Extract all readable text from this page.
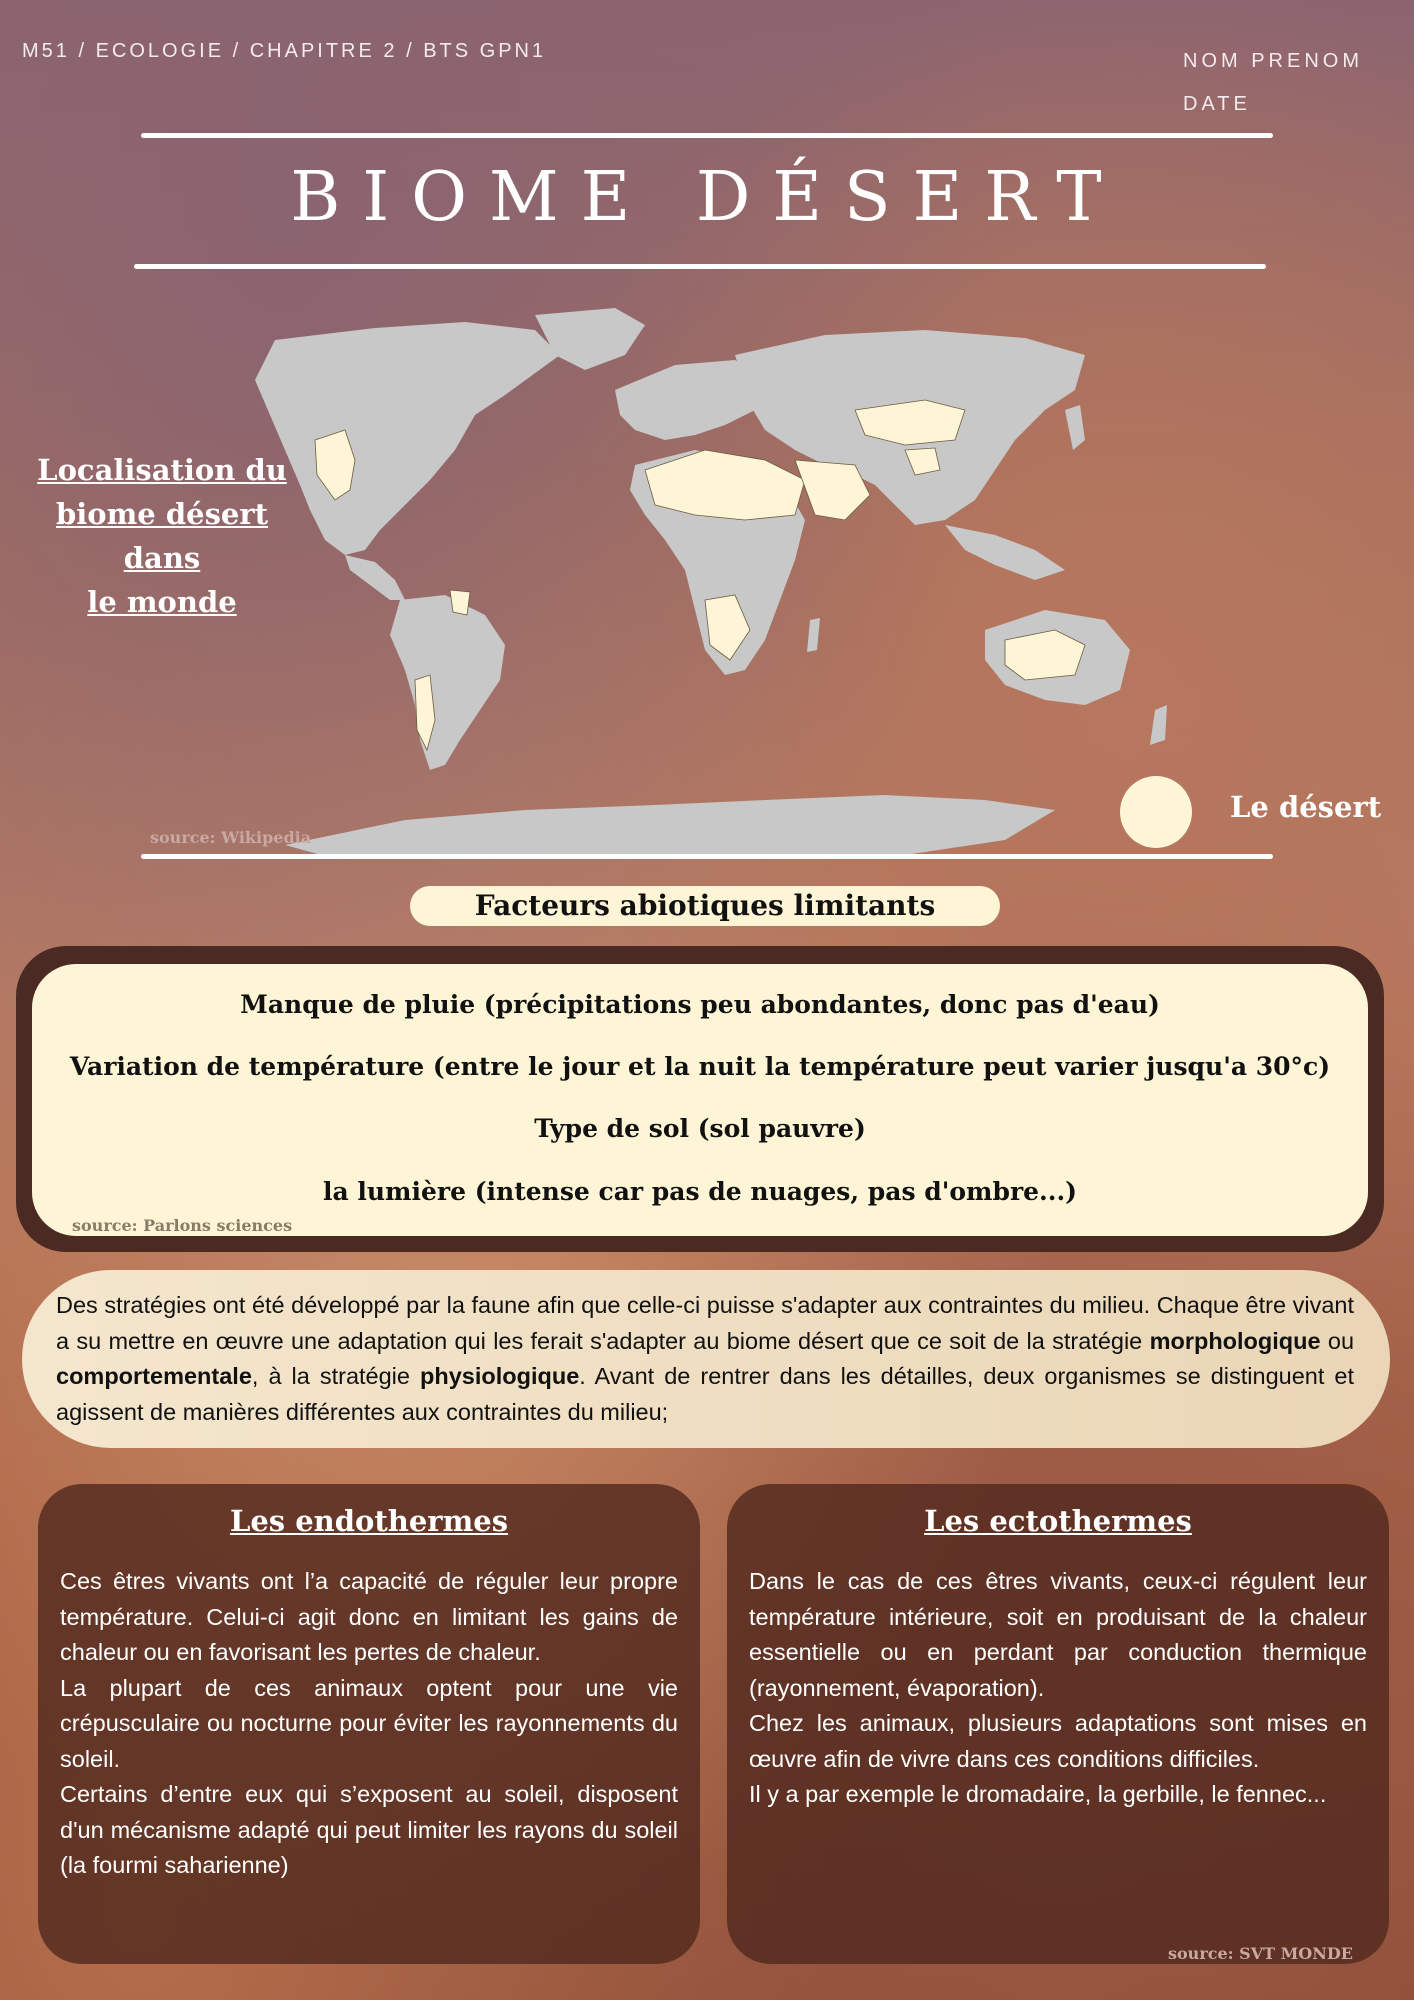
M51 / ECOLOGIE / CHAPITRE 2 / BTS GPN1	NOM PRENOM
DATE
BIOME DÉSERT
Localisation du
biome désert dans
le monde
source: Wikipedia
Le désert
Facteurs abiotiques limitants
Manque de pluie (précipitations peu abondantes, donc pas d'eau)
Variation de température (entre le jour et la nuit la température peut varier jusqu'a 30°c)
Type de sol (sol pauvre)
la lumière (intense car pas de nuages, pas d'ombre...)
source: Parlons sciences
Des stratégies ont été développé par la faune afin que celle-ci puisse s'adapter aux contraintes du milieu. Chaque être vivant a su mettre en œuvre une adaptation qui les ferait s'adapter au biome désert que ce soit de la stratégie morphologique ou comportementale, à la stratégie physiologique. Avant de rentrer dans les détailles, deux organismes se distinguent et agissent de manières différentes aux contraintes du milieu;
Les endothermes

Ces êtres vivants ont l’a capacité de réguler leur propre température. Celui-ci agit donc en limitant les gains de chaleur ou en favorisant les pertes de chaleur.
La plupart de ces animaux optent pour une vie crépusculaire ou nocturne pour éviter les rayonnements du soleil.
Certains d’entre eux qui s’exposent au soleil, disposent d'un mécanisme adapté qui peut limiter les rayons du soleil (la fourmi saharienne)

Les ectothermes

Dans le cas de ces êtres vivants, ceux-ci régulent leur température intérieure, soit en produisant de la chaleur essentielle ou en perdant par conduction thermique (rayonnement, évaporation).
Chez les animaux, plusieurs adaptations sont mises en œuvre afin de vivre dans ces conditions difficiles.
Il y a par exemple le dromadaire, la gerbille, le fennec...

source: SVT MONDE
